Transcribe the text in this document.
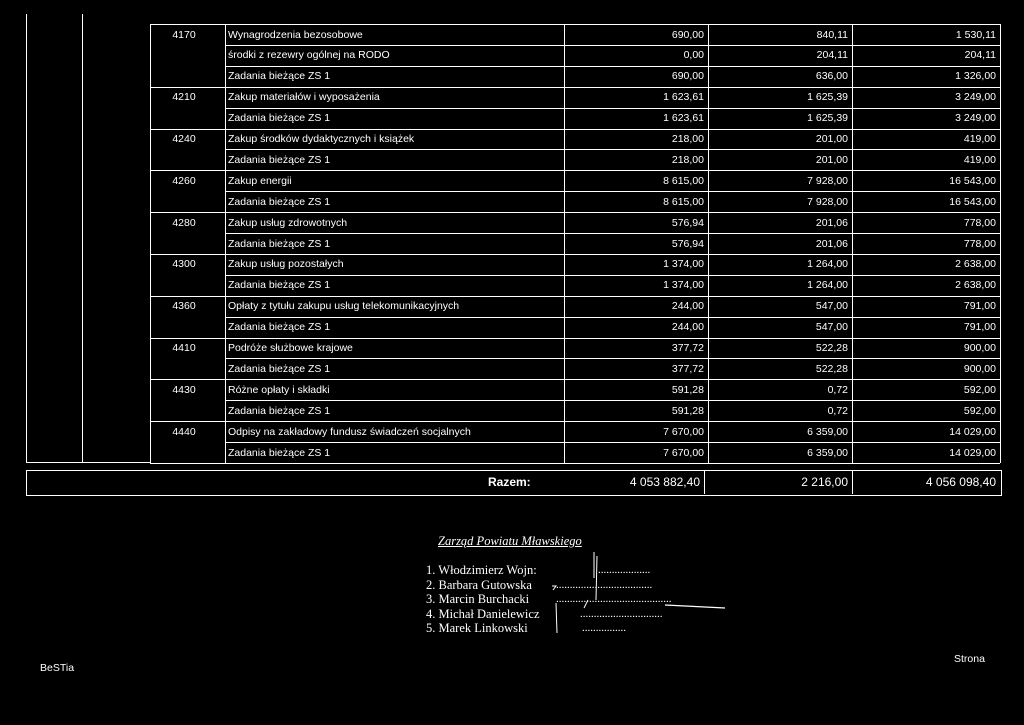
4170	Wynagrodzenia bezosobowe	690,00	840,11	1 530,11
środki z rezewry ogólnej na RODO	0,00	204,11	204,11
Zadania bieżące ZS 1	690,00	636,00	1 326,00
4210	Zakup materiałów i wyposażenia	1 623,61	1 625,39	3 249,00
Zadania bieżące ZS 1	1 623,61	1 625,39	3 249,00
4240	Zakup środków dydaktycznych i książek	218,00	201,00	419,00
Zadania bieżące ZS 1	218,00	201,00	419,00
4260	Zakup energii	8 615,00	7 928,00	16 543,00
Zadania bieżące ZS 1	8 615,00	7 928,00	16 543,00
4280	Zakup usług zdrowotnych	576,94	201,06	778,00
Zadania bieżące ZS 1	576,94	201,06	778,00
4300	Zakup usług pozostałych	1 374,00	1 264,00	2 638,00
Zadania bieżące ZS 1	1 374,00	1 264,00	2 638,00
4360	Opłaty z tytułu zakupu usług telekomunikacyjnych	244,00	547,00	791,00
Zadania bieżące ZS 1	244,00	547,00	791,00
4410	Podróże służbowe krajowe	377,72	522,28	900,00
Zadania bieżące ZS 1	377,72	522,28	900,00
4430	Różne opłaty i składki	591,28	0,72	592,00
Zadania bieżące ZS 1	591,28	0,72	592,00
4440	Odpisy na zakładowy fundusz świadczeń socjalnych	7 670,00	6 359,00	14 029,00
Zadania bieżące ZS 1	7 670,00	6 359,00	14 029,00
Razem:	4 053 882,40	2 216,00	4 056 098,40
Zarząd Powiatu Mławskiego
1. Włodzimierz Wojn:	...................
2. Barbara Gutowska ...................................
3. Marcin Burchacki ..........................................
4. Michał Danielewicz	..............................
5. Marek Linkowski	................
BeSTia
Strona
